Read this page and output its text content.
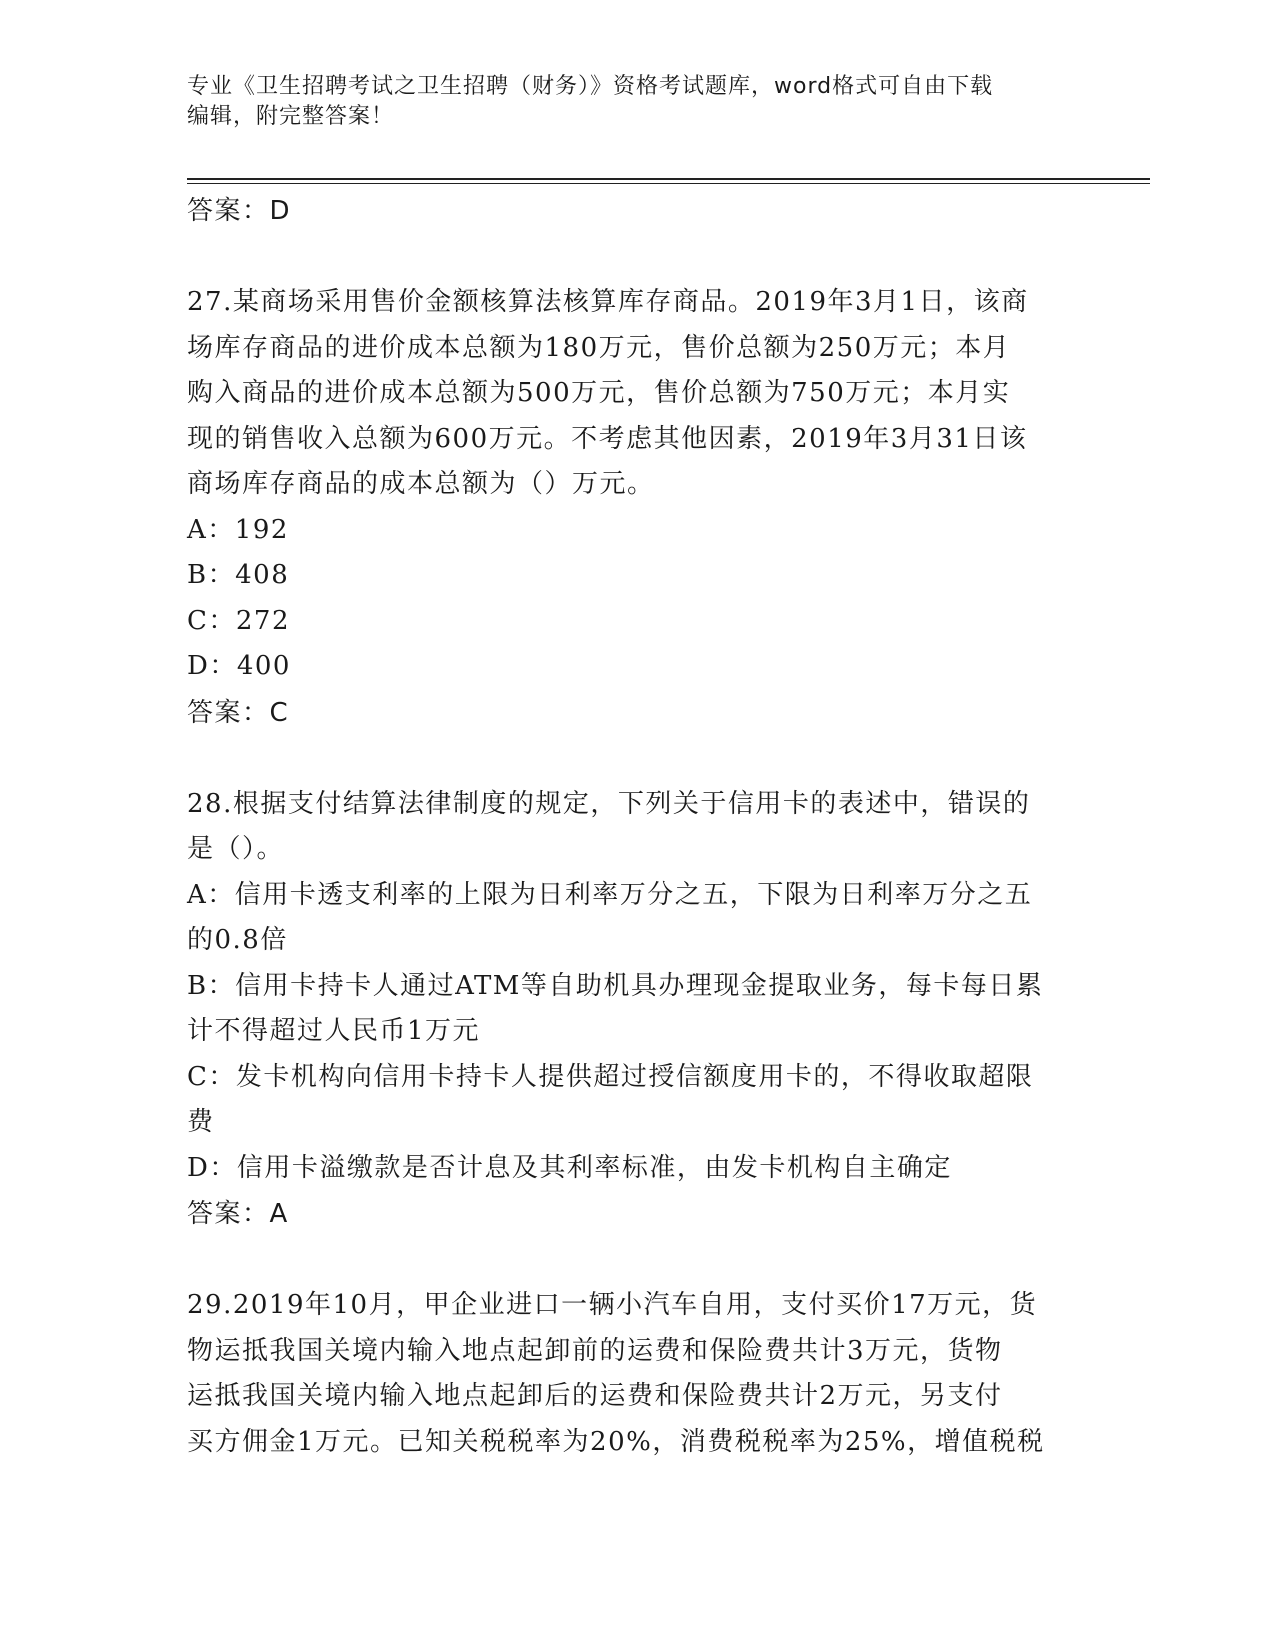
专业《卫生招聘考试之卫生招聘（财务）》资格考试题库，word格式可自由下载
编辑，附完整答案！

答案：D

27.某商场采用售价金额核算法核算库存商品。2019年3月1日，该商

场库存商品的进价成本总额为180万元，售价总额为250万元；本月

购入商品的进价成本总额为500万元，售价总额为750万元；本月实

现的销售收入总额为600万元。不考虑其他因素，2019年3月31日该

商场库存商品的成本总额为（）万元。

A：192

B：408

C：272

D：400

答案：C

28.根据支付结算法律制度的规定，下列关于信用卡的表述中，错误的

是（）。

A：信用卡透支利率的上限为日利率万分之五，下限为日利率万分之五

的0.8倍

B：信用卡持卡人通过ATM等自助机具办理现金提取业务，每卡每日累

计不得超过人民币1万元

C：发卡机构向信用卡持卡人提供超过授信额度用卡的，不得收取超限

费

D：信用卡溢缴款是否计息及其利率标准，由发卡机构自主确定

答案：A

29.2019年10月，甲企业进口一辆小汽车自用，支付买价17万元，货

物运抵我国关境内输入地点起卸前的运费和保险费共计3万元，货物

运抵我国关境内输入地点起卸后的运费和保险费共计2万元，另支付

买方佣金1万元。已知关税税率为20%，消费税税率为25%，增值税税
